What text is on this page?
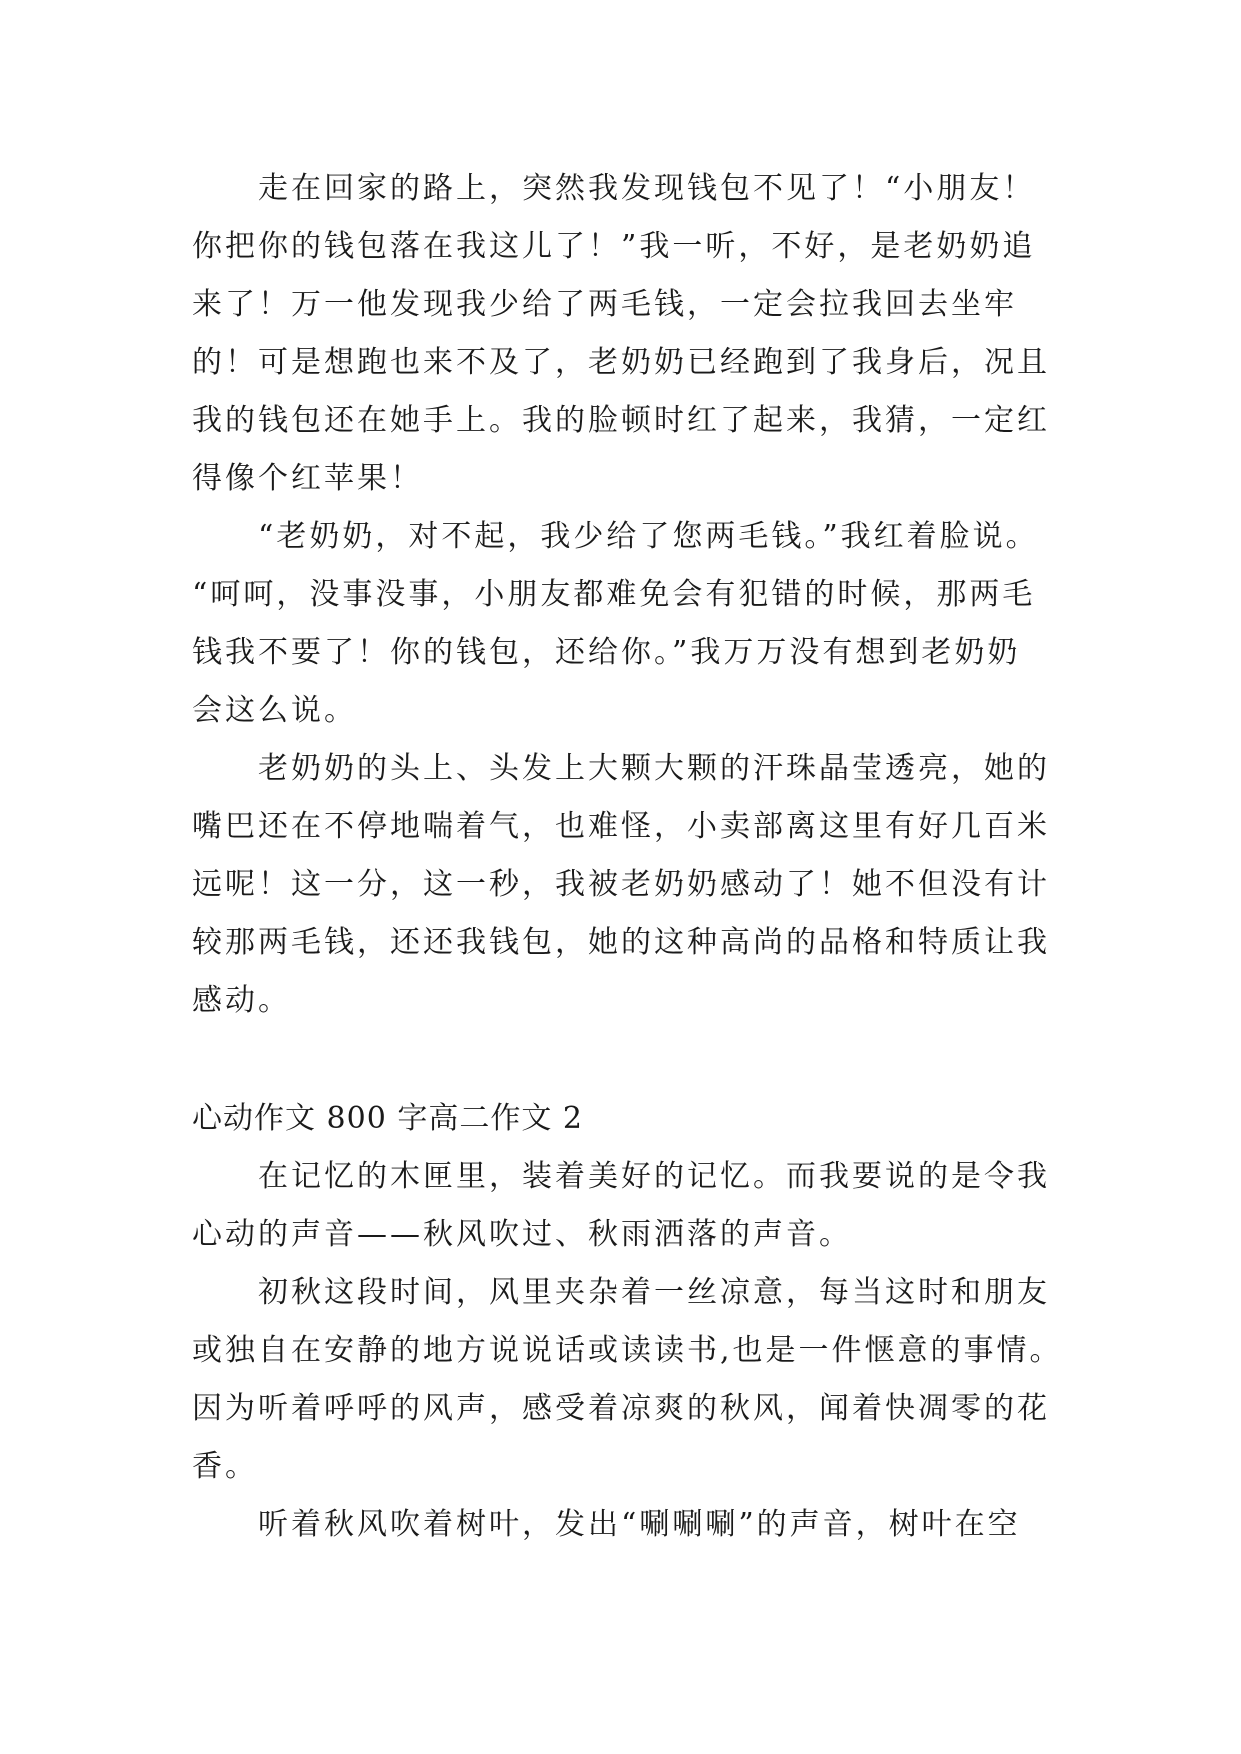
走在回家的路上，突然我发现钱包不见了！“小朋友！
你把你的钱包落在我这儿了！”我一听，不好，是老奶奶追
来了！万一他发现我少给了两毛钱，一定会拉我回去坐牢
的！可是想跑也来不及了，老奶奶已经跑到了我身后，况且
我的钱包还在她手上。我的脸顿时红了起来，我猜，一定红
得像个红苹果！
“老奶奶，对不起，我少给了您两毛钱。”我红着脸说。
“呵呵，没事没事，小朋友都难免会有犯错的时候，那两毛
钱我不要了！你的钱包，还给你。”我万万没有想到老奶奶
会这么说。
老奶奶的头上、头发上大颗大颗的汗珠晶莹透亮，她的
嘴巴还在不停地喘着气，也难怪，小卖部离这里有好几百米
远呢！这一分，这一秒，我被老奶奶感动了！她不但没有计
较那两毛钱，还还我钱包，她的这种高尚的品格和特质让我
感动。
心动作文 800 字高二作文 2
在记忆的木匣里，装着美好的记忆。而我要说的是令我
心动的声音——秋风吹过、秋雨洒落的声音。
初秋这段时间，风里夹杂着一丝凉意，每当这时和朋友
或独自在安静的地方说说话或读读书,也是一件惬意的事情。
因为听着呼呼的风声，感受着凉爽的秋风，闻着快凋零的花
香。
听着秋风吹着树叶，发出“唰唰唰”的声音，树叶在空
